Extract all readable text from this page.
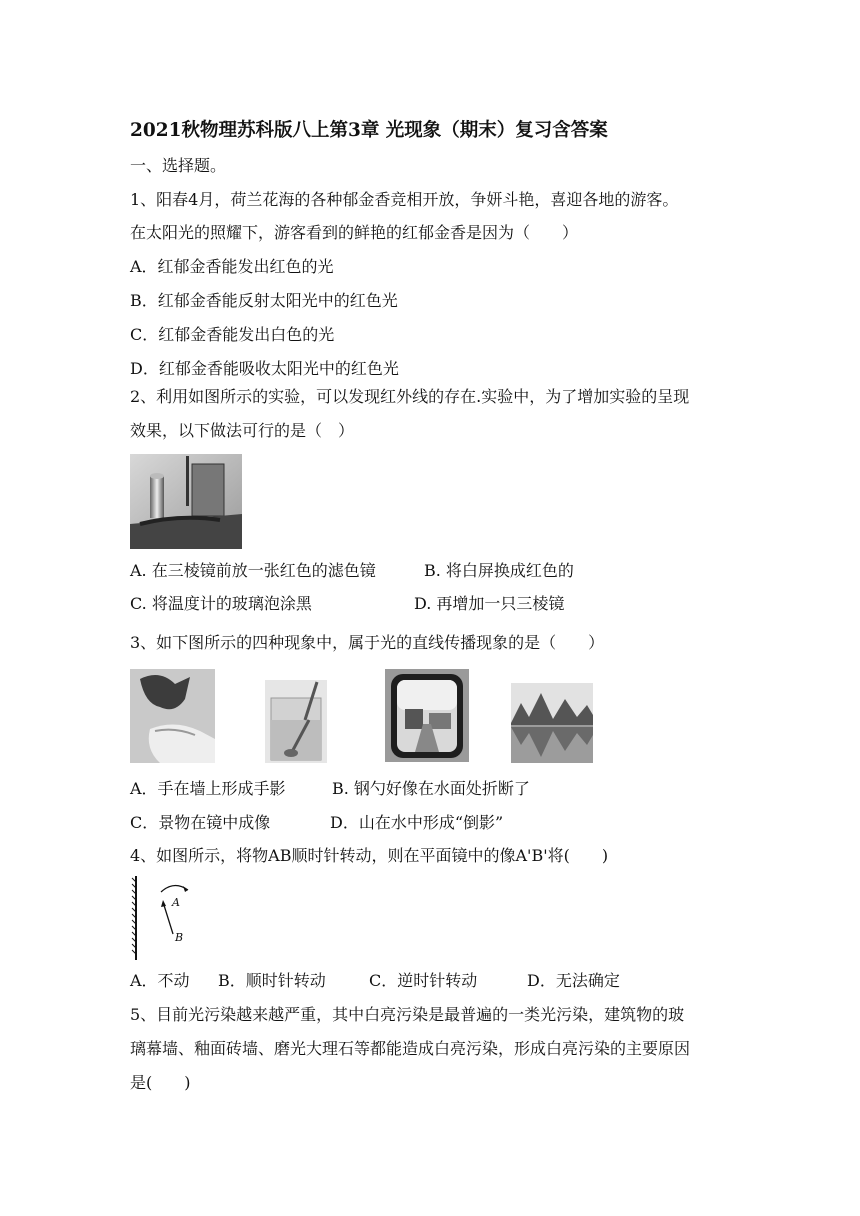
2021秋物理苏科版八上第3章 光现象（期末）复习含答案
一、选择题。
1、阳春4月，荷兰花海的各种郁金香竞相开放，争妍斗艳，喜迎各地的游客。
在太阳光的照耀下，游客看到的鲜艳的红郁金香是因为（　　）
A．红郁金香能发出红色的光
B．红郁金香能反射太阳光中的红色光
C．红郁金香能发出白色的光
D．红郁金香能吸收太阳光中的红色光
2、利用如图所示的实验，可以发现红外线的存在.实验中，为了增加实验的呈现
效果，以下做法可行的是（　）
A. 在三棱镜前放一张红色的滤色镜	B. 将白屏换成红色的
C. 将温度计的玻璃泡涂黑	D. 再增加一只三棱镜
3、如下图所示的四种现象中，属于光的直线传播现象的是（　　）
A．手在墙上形成手影	B. 钢勺好像在水面处折断了
C．景物在镜中成像	D．山在水中形成“倒影”
4、如图所示，将物AB顺时针转动，则在平面镜中的像A'B'将(　　)
A
B
A．不动 B．顺时针转动	C．逆时针转动	D．无法确定
5、目前光污染越来越严重，其中白亮污染是最普遍的一类光污染，建筑物的玻
璃幕墙、釉面砖墙、磨光大理石等都能造成白亮污染，形成白亮污染的主要原因
是(　　)
